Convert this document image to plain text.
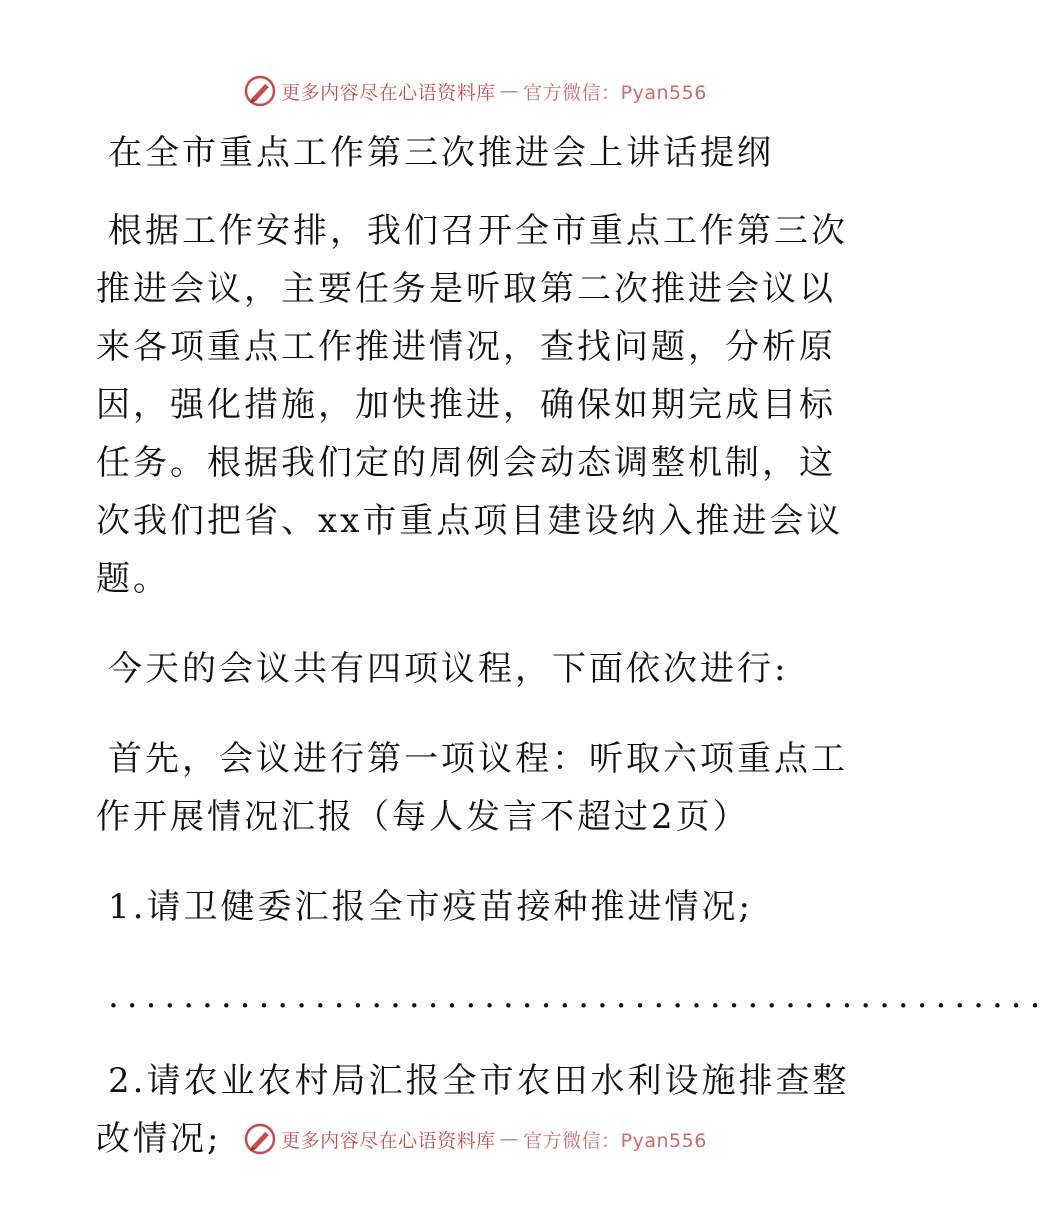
更多内容尽在心语资料库 — 官方微信：Pyan556

在全市重点工作第三次推进会上讲话提纲

根据工作安排，我们召开全市重点工作第三次推进会议，主要任务是听取第二次推进会议以来各项重点工作推进情况，查找问题，分析原因，强化措施，加快推进，确保如期完成目标任务。根据我们定的周例会动态调整机制，这次我们把省、xx市重点项目建设纳入推进会议题。

今天的会议共有四项议程，下面依次进行:

首先，会议进行第一项议程：听取六项重点工作开展情况汇报（每人发言不超过2页）

1.请卫健委汇报全市疫苗接种推进情况;

..................................................

2.请农业农村局汇报全市农田水利设施排查整改情况;	更多内容尽在心语资料库 — 官方微信：Pyan556
